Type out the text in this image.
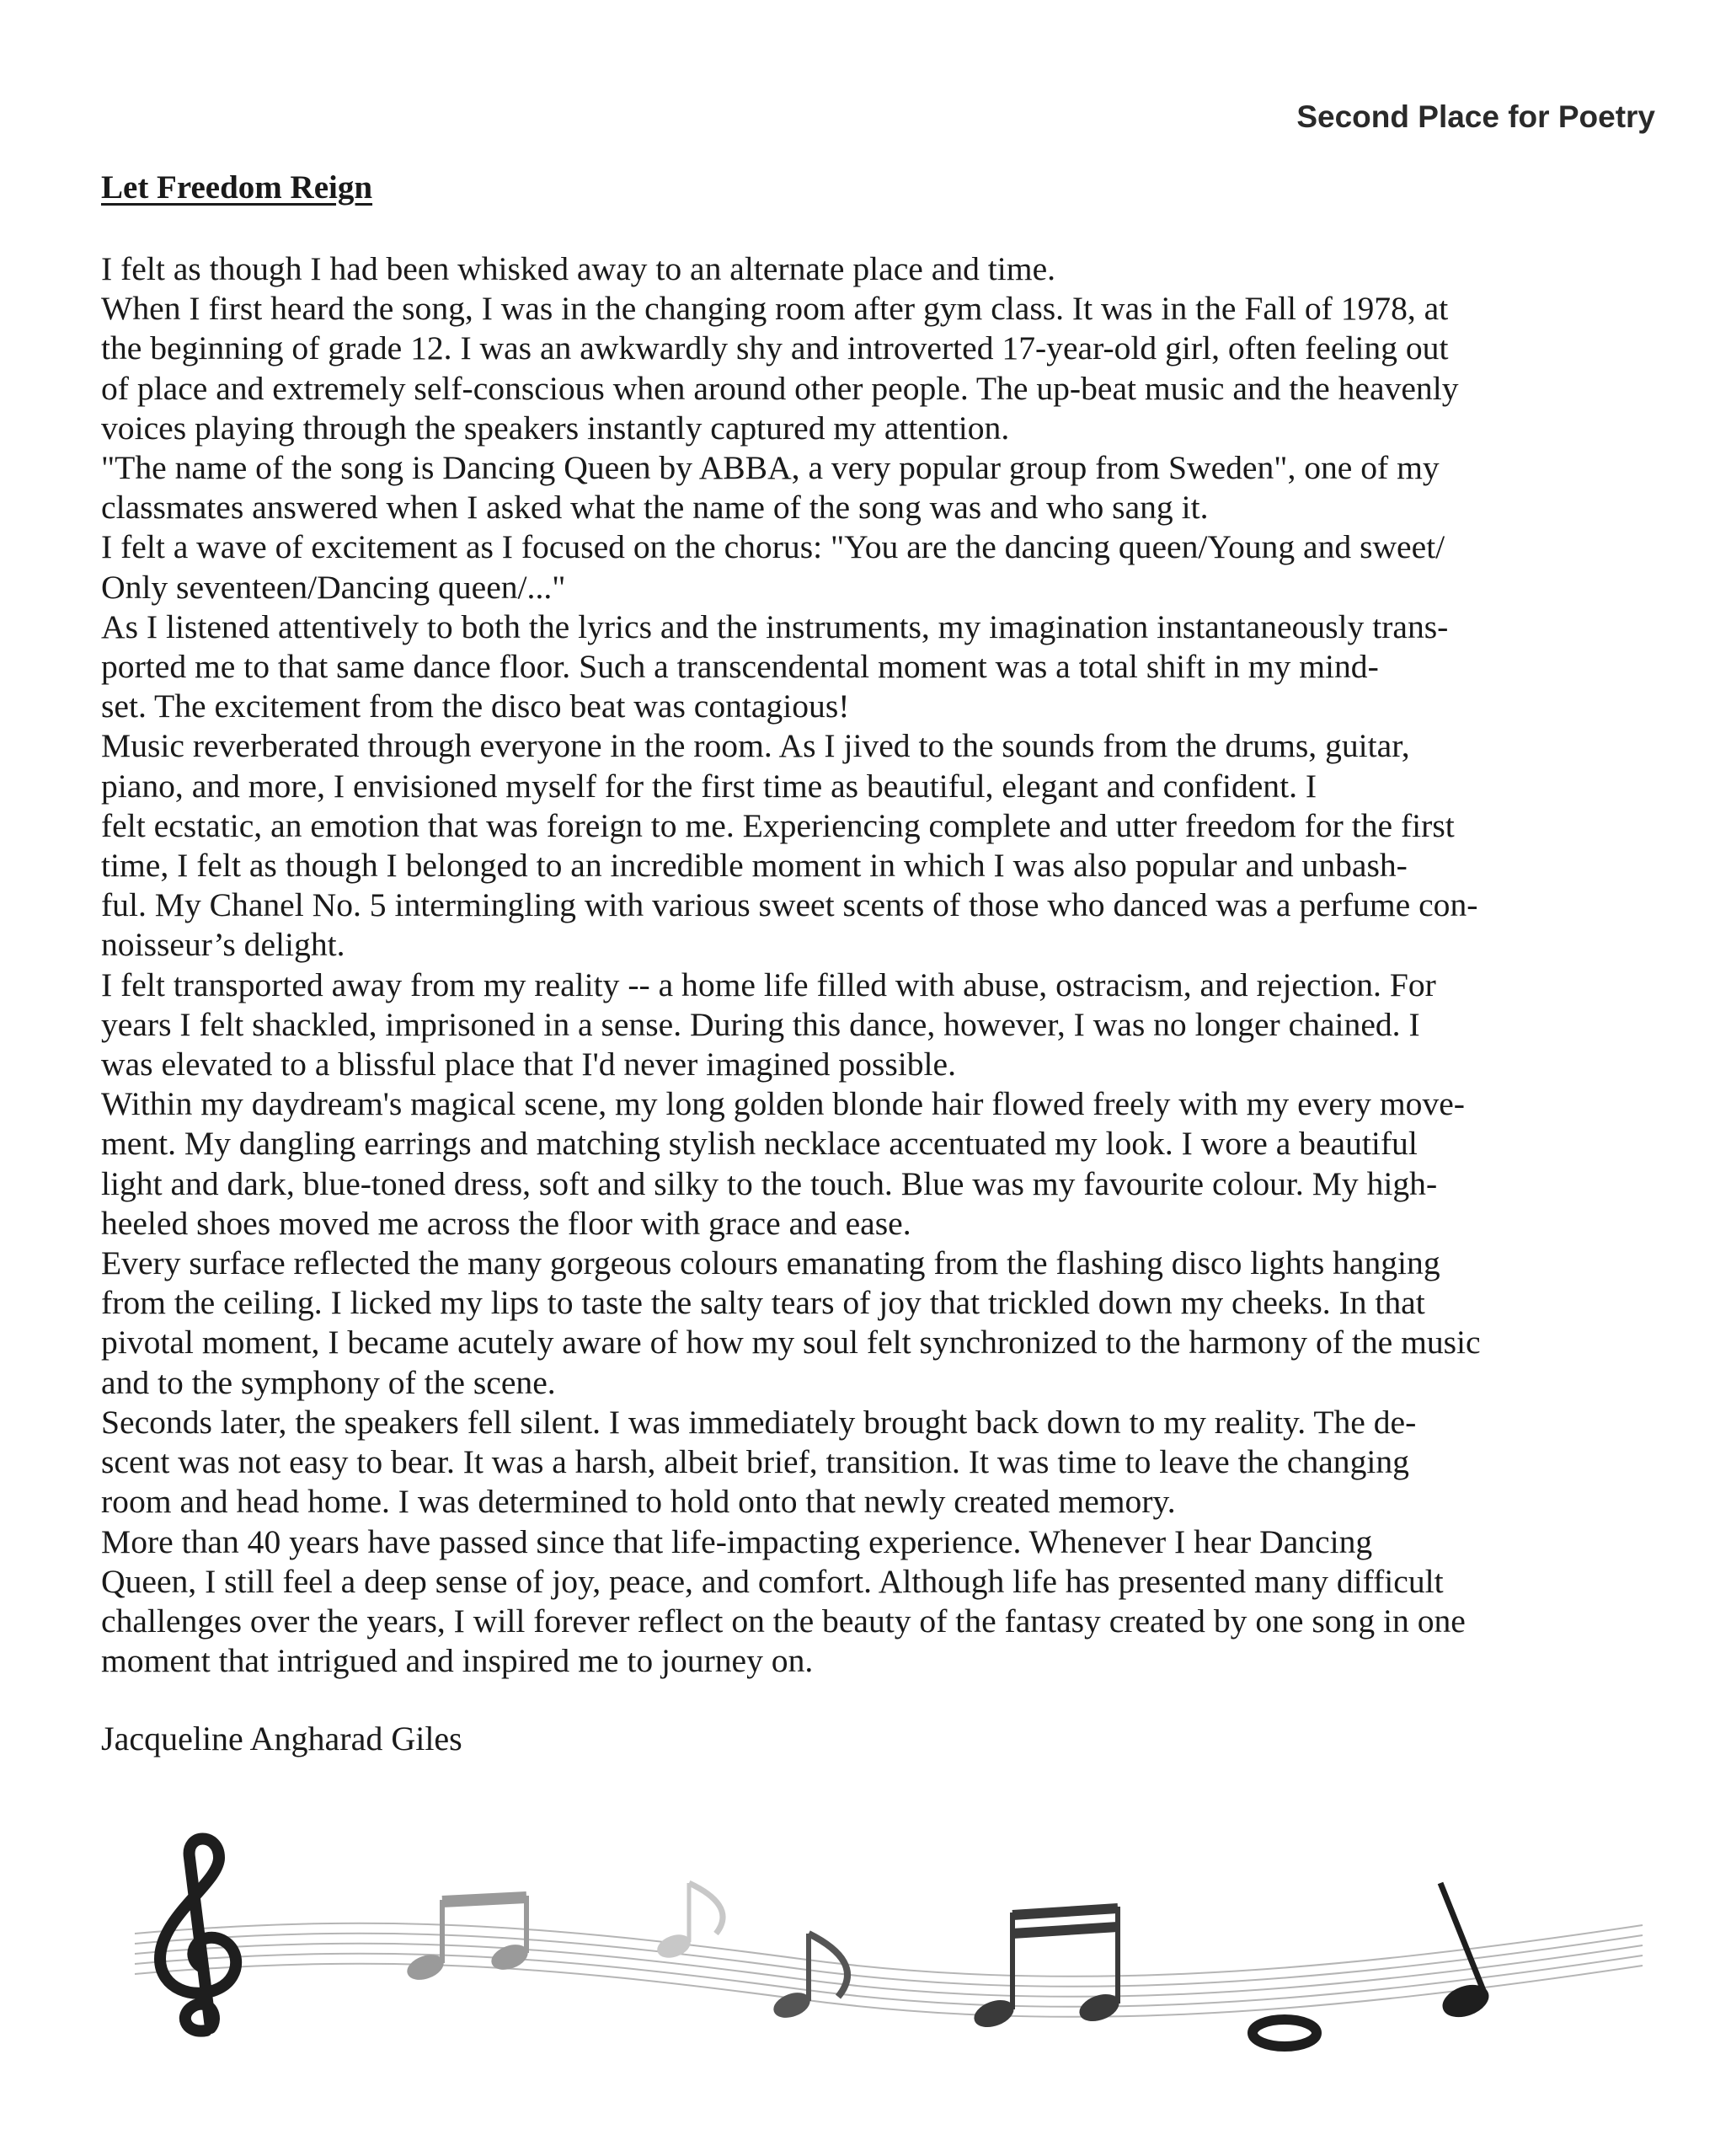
Second Place for Poetry
Let Freedom Reign
I felt as though I had been whisked away to an alternate place and time.
When I first heard the song, I was in the changing room after gym class. It was in the Fall of 1978, at
the beginning of grade 12. I was an awkwardly shy and introverted 17-year-old girl, often feeling out
of place and extremely self-conscious when around other people. The up-beat music and the heavenly
voices playing through the speakers instantly captured my attention.
"The name of the song is Dancing Queen by ABBA, a very popular group from Sweden", one of my
classmates answered when I asked what the name of the song was and who sang it.
I felt a wave of excitement as I focused on the chorus: "You are the dancing queen/Young and sweet/
Only seventeen/Dancing queen/..."
As I listened attentively to both the lyrics and the instruments, my imagination instantaneously trans-
ported me to that same dance floor. Such a transcendental moment was a total shift in my mind-
set. The excitement from the disco beat was contagious!
Music reverberated through everyone in the room. As I jived to the sounds from the drums, guitar,
piano, and more, I envisioned myself for the first time as beautiful, elegant and confident. I
felt ecstatic, an emotion that was foreign to me. Experiencing complete and utter freedom for the first
time, I felt as though I belonged to an incredible moment in which I was also popular and unbash-
ful. My Chanel No. 5 intermingling with various sweet scents of those who danced was a perfume con-
noisseur’s delight.
I felt transported away from my reality -- a home life filled with abuse, ostracism, and rejection. For
years I felt shackled, imprisoned in a sense. During this dance, however, I was no longer chained. I
was elevated to a blissful place that I'd never imagined possible.
Within my daydream's magical scene, my long golden blonde hair flowed freely with my every move-
ment. My dangling earrings and matching stylish necklace accentuated my look. I wore a beautiful
light and dark, blue-toned dress, soft and silky to the touch. Blue was my favourite colour. My high-
heeled shoes moved me across the floor with grace and ease.
Every surface reflected the many gorgeous colours emanating from the flashing disco lights hanging
from the ceiling. I licked my lips to taste the salty tears of joy that trickled down my cheeks. In that
pivotal moment, I became acutely aware of how my soul felt synchronized to the harmony of the music
and to the symphony of the scene.
Seconds later, the speakers fell silent. I was immediately brought back down to my reality. The de-
scent was not easy to bear. It was a harsh, albeit brief, transition. It was time to leave the changing
room and head home. I was determined to hold onto that newly created memory.
More than 40 years have passed since that life-impacting experience. Whenever I hear Dancing
Queen, I still feel a deep sense of joy, peace, and comfort. Although life has presented many difficult
challenges over the years, I will forever reflect on the beauty of the fantasy created by one song in one
moment that intrigued and inspired me to journey on.
Jacqueline Angharad Giles
